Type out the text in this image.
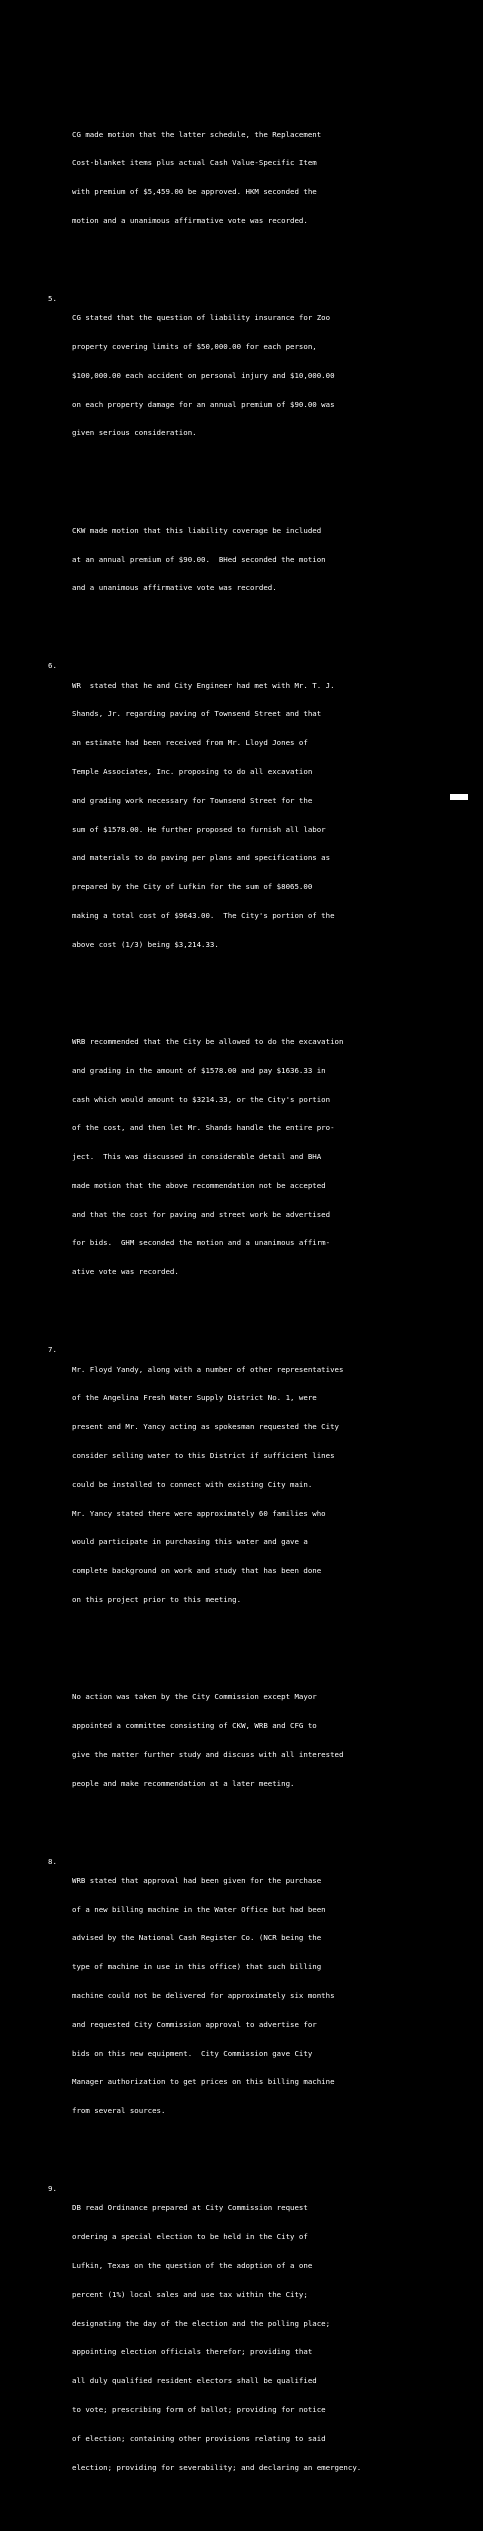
CG made motion that the latter schedule, the Replacement

Cost-blanket items plus actual Cash Value-Specific Item

with premium of $5,459.00 be approved. HKM seconded the

motion and a unanimous affirmative vote was recorded.

5.

CG stated that the question of liability insurance for Zoo

property covering limits of $50,000.00 for each person,

$100,000.00 each accident on personal injury and $10,000.00

on each property damage for an annual premium of $90.00 was

given serious consideration.

CKW made motion that this liability coverage be included

at an annual premium of $90.00.  BHed seconded the motion

and a unanimous affirmative vote was recorded.

6.

WR  stated that he and City Engineer had met with Mr. T. J.

Shands, Jr. regarding paving of Townsend Street and that

an estimate had been received from Mr. Lloyd Jones of

Temple Associates, Inc. proposing to do all excavation

and grading work necessary for Townsend Street for the

sum of $1578.00. He further proposed to furnish all labor

and materials to do paving per plans and specifications as

prepared by the City of Lufkin for the sum of $8065.00

making a total cost of $9643.00.  The City's portion of the

above cost (1/3) being $3,214.33.

WRB recommended that the City be allowed to do the excavation

and grading in the amount of $1578.00 and pay $1636.33 in

cash which would amount to $3214.33, or the City's portion

of the cost, and then let Mr. Shands handle the entire pro-

ject.  This was discussed in considerable detail and BHA

made motion that the above recommendation not be accepted

and that the cost for paving and street work be advertised

for bids.  GHM seconded the motion and a unanimous affirm-

ative vote was recorded.

7.

Mr. Floyd Yandy, along with a number of other representatives

of the Angelina Fresh Water Supply District No. 1, were

present and Mr. Yancy acting as spokesman requested the City

consider selling water to this District if sufficient lines

could be installed to connect with existing City main.

Mr. Yancy stated there were approximately 60 families who

would participate in purchasing this water and gave a

complete background on work and study that has been done

on this project prior to this meeting.

No action was taken by the City Commission except Mayor

appointed a committee consisting of CKW, WRB and CFG to

give the matter further study and discuss with all interested

people and make recommendation at a later meeting.

8.

WRB stated that approval had been given for the purchase

of a new billing machine in the Water Office but had been

advised by the National Cash Register Co. (NCR being the

type of machine in use in this office) that such billing

machine could not be delivered for approximately six months

and requested City Commission approval to advertise for

bids on this new equipment.  City Commission gave City

Manager authorization to get prices on this billing machine

from several sources.

9.

DB read Ordinance prepared at City Commission request

ordering a special election to be held in the City of

Lufkin, Texas on the question of the adoption of a one

percent (1%) local sales and use tax within the City;

designating the day of the election and the polling place;

appointing election officials therefor; providing that

all duly qualified resident electors shall be qualified

to vote; prescribing form of ballot; providing for notice

of election; containing other provisions relating to said

election; providing for severability; and declaring an emergency.
